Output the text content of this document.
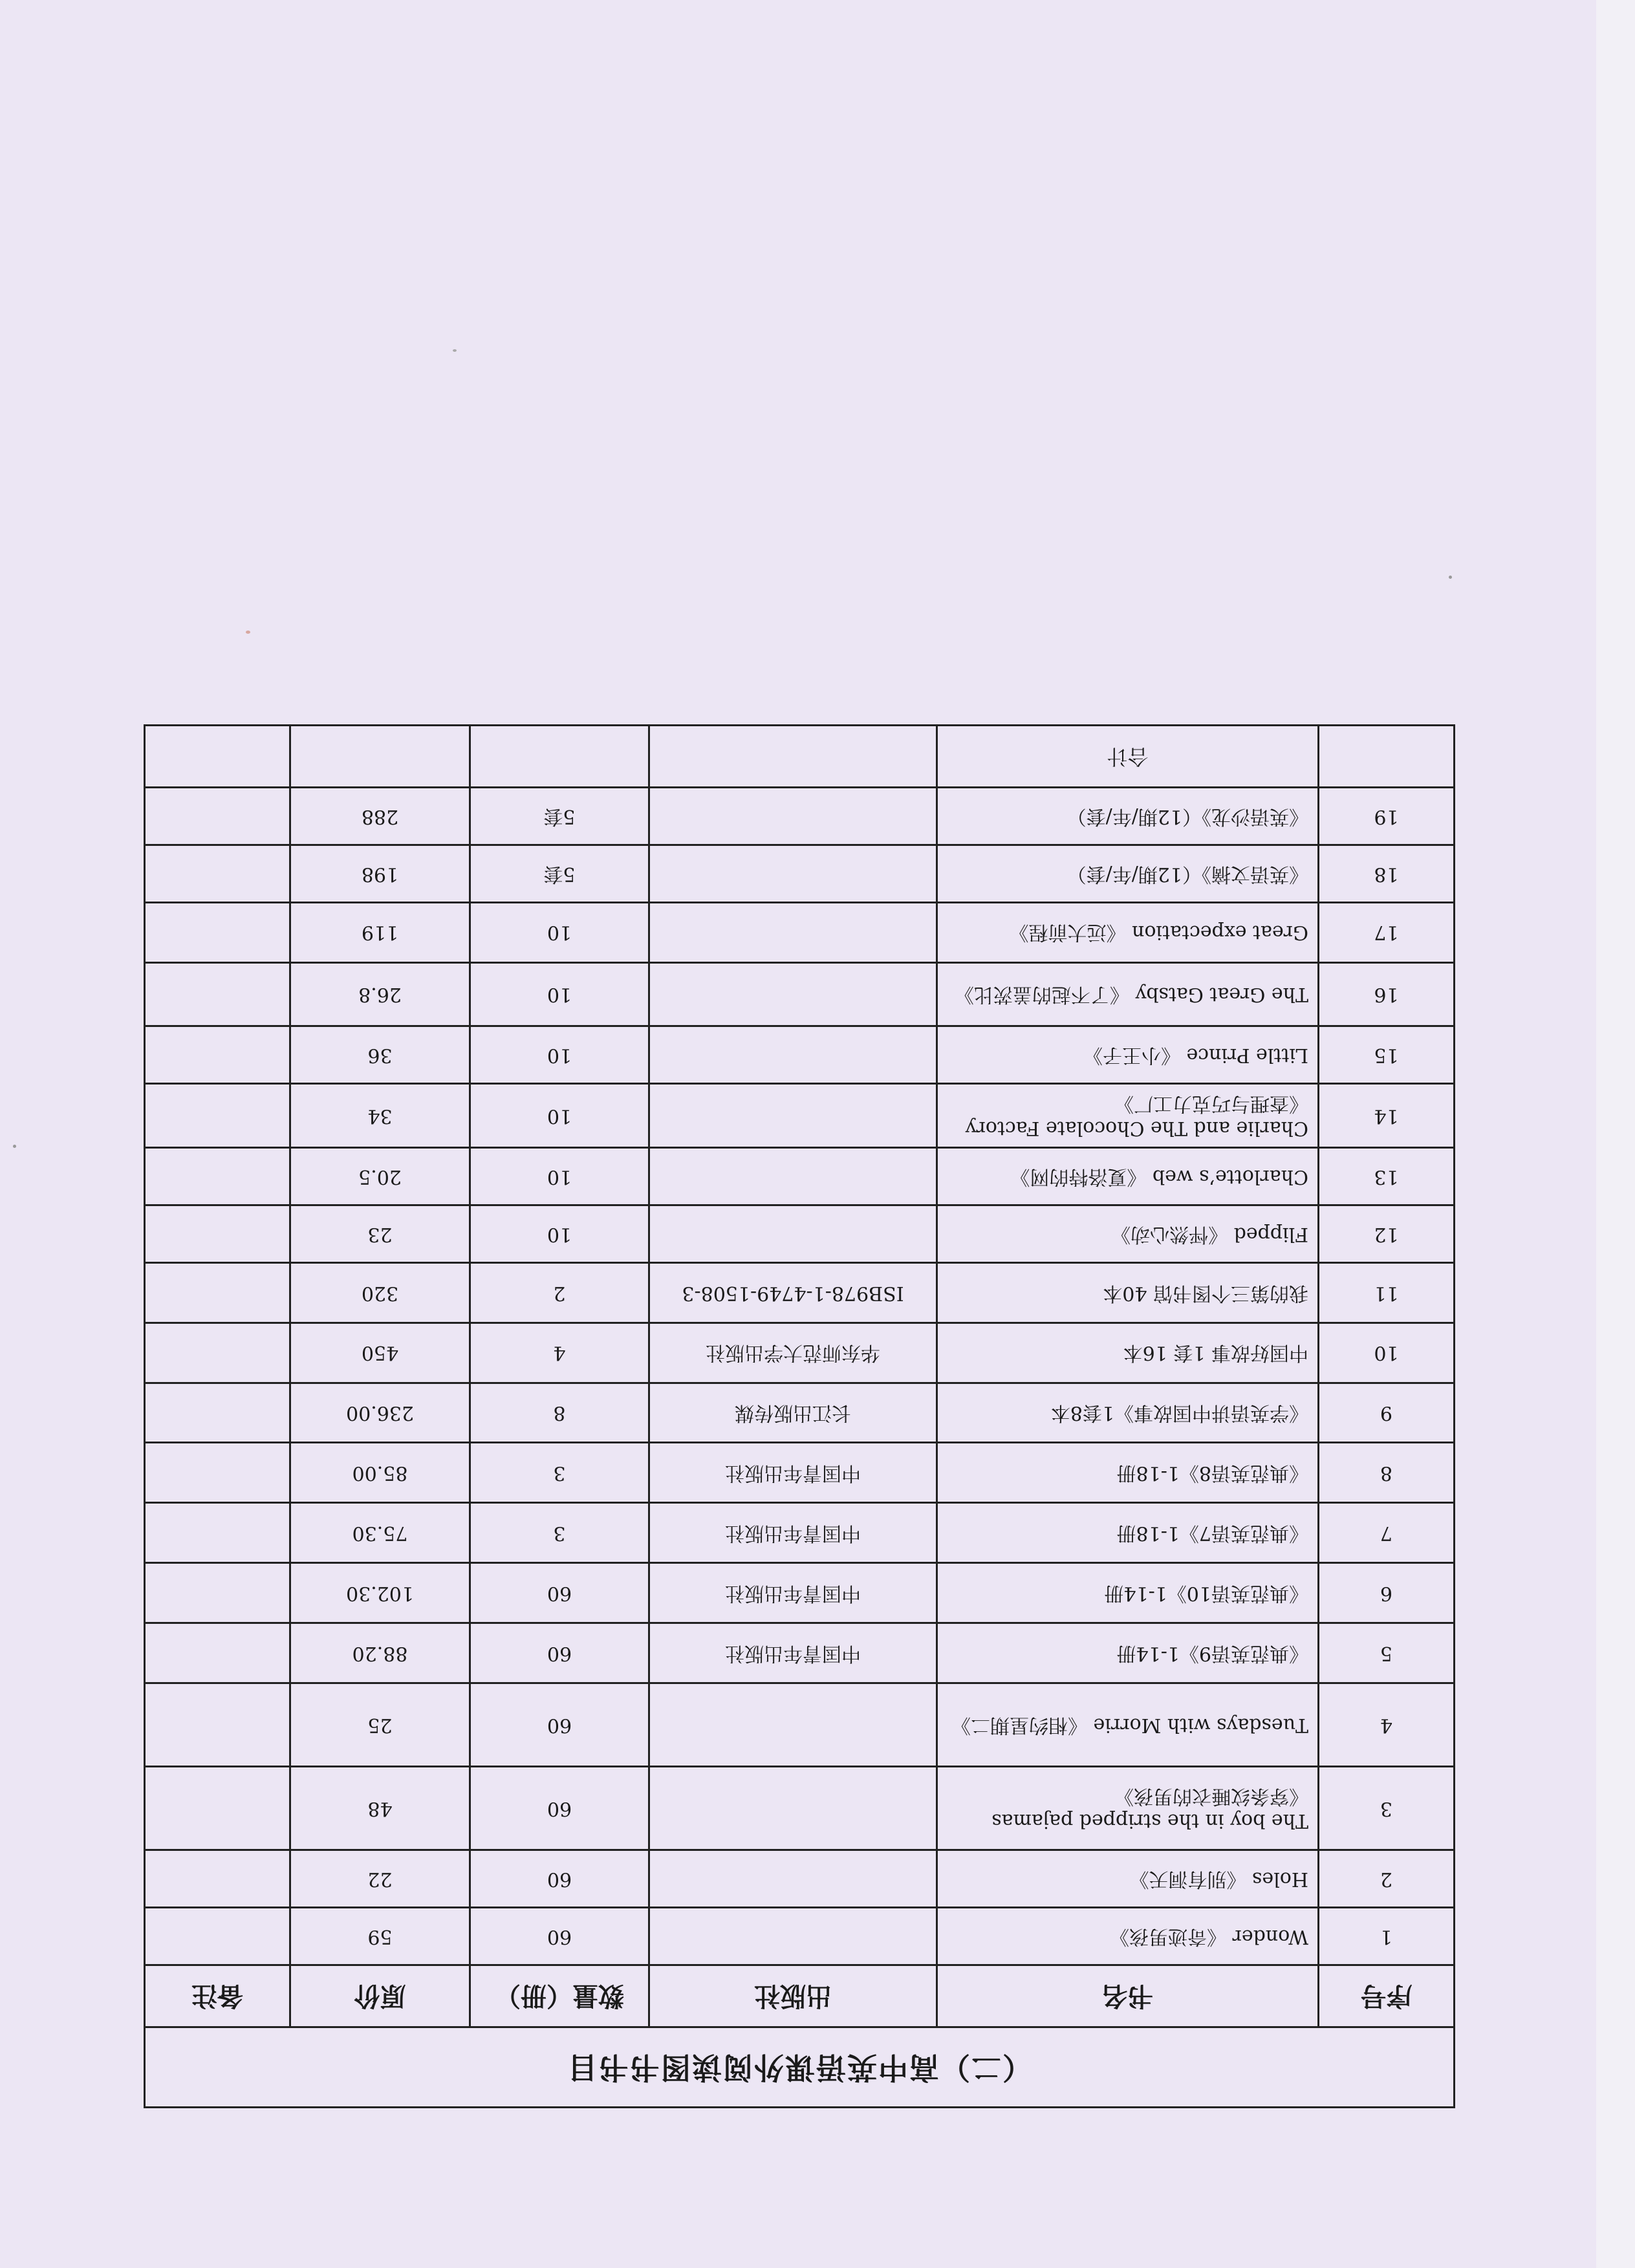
（二）高中英语课外阅读图书书目					
序号	书名	出版社	数量（册）	原价	备注
1	Wonder 《奇迹男孩》		60	59	
2	Holes 《别有洞天》		60	22	
3	The boy in the stripped pajamas 《穿条纹睡衣的男孩》		60	48	
4	Tuesdays with Morrie 《相约星期二》		60	25	
5	《典范英语9》1-14册	中国青年出版社	60	88.20	
6	《典范英语10》1-14册	中国青年出版社	60	102.30	
7	《典范英语7》1-18册	中国青年出版社	3	75.30	
8	《典范英语8》1-18册	中国青年出版社	3	85.00	
9	《学英语讲中国故事》1套8本	长江出版传媒	8	236.00	
10	中国好故事 1套 16本	华东师范大学出版社	4	450	
11	我的第三个图书馆 40本	ISB978-1-4749-1508-3	2	320	
12	Flipped 《怦然心动》		10	23	
13	Charlotte’s web 《夏洛特的网》		10	20.5	
14	Charlie and The Chocolate Factory 《查理与巧克力工厂》		10	34	
15	Little Prince 《小王子》		10	36	
16	The Great Gatsby 《了不起的盖茨比》		10	26.8	
17	Great expectation 《远大前程》		10	119	
18	《英语文摘》（12期/年/套）		5套	198	
19	《英语沙龙》（12期/年/套）		5套	288	
	合计				
